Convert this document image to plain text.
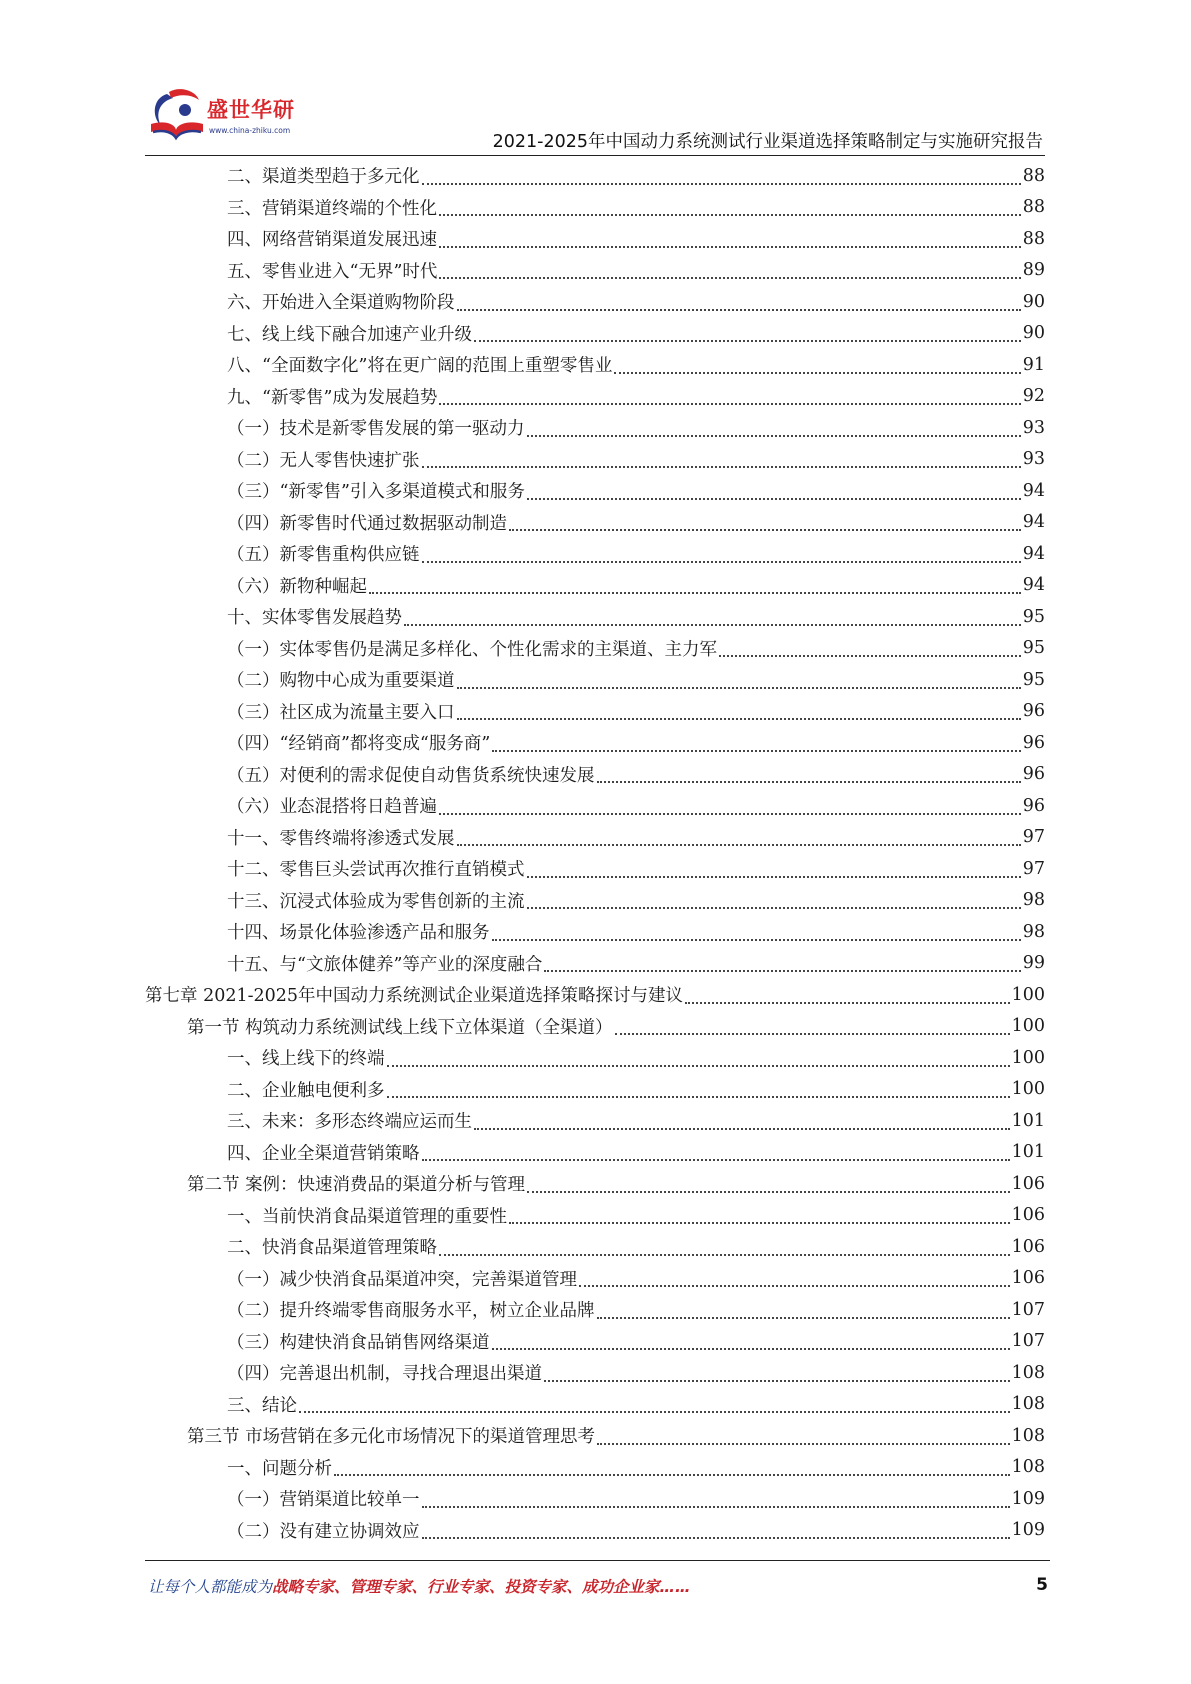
盛世华研
www.china-zhiku.com
2021-2025年中国动力系统测试行业渠道选择策略制定与实施研究报告
二、渠道类型趋于多元化	88
三、营销渠道终端的个性化	88
四、网络营销渠道发展迅速	88
五、零售业进入“无界”时代	89
六、开始进入全渠道购物阶段	90
七、线上线下融合加速产业升级	90
八、“全面数字化”将在更广阔的范围上重塑零售业	91
九、“新零售”成为发展趋势	92
（一）技术是新零售发展的第一驱动力	93
（二）无人零售快速扩张	93
（三）“新零售”引入多渠道模式和服务	94
（四）新零售时代通过数据驱动制造	94
（五）新零售重构供应链	94
（六）新物种崛起	94
十、实体零售发展趋势	95
（一）实体零售仍是满足多样化、个性化需求的主渠道、主力军	95
（二）购物中心成为重要渠道	95
（三）社区成为流量主要入口	96
（四）“经销商”都将变成“服务商”	96
（五）对便利的需求促使自动售货系统快速发展	96
（六）业态混搭将日趋普遍	96
十一、零售终端将渗透式发展	97
十二、零售巨头尝试再次推行直销模式	97
十三、沉浸式体验成为零售创新的主流	98
十四、场景化体验渗透产品和服务	98
十五、与“文旅体健养”等产业的深度融合	99
第七章 2021-2025年中国动力系统测试企业渠道选择策略探讨与建议	100
第一节 构筑动力系统测试线上线下立体渠道（全渠道）	100
一、线上线下的终端	100
二、企业触电便利多	100
三、未来：多形态终端应运而生	101
四、企业全渠道营销策略	101
第二节 案例：快速消费品的渠道分析与管理	106
一、当前快消食品渠道管理的重要性	106
二、快消食品渠道管理策略	106
（一）减少快消食品渠道冲突，完善渠道管理	106
（二）提升终端零售商服务水平，树立企业品牌	107
（三）构建快消食品销售网络渠道	107
（四）完善退出机制，寻找合理退出渠道	108
三、结论	108
第三节 市场营销在多元化市场情况下的渠道管理思考	108
一、问题分析	108
（一）营销渠道比较单一	109
（二）没有建立协调效应	109
让每个人都能成为战略专家、管理专家、行业专家、投资专家、成功企业家……	5
